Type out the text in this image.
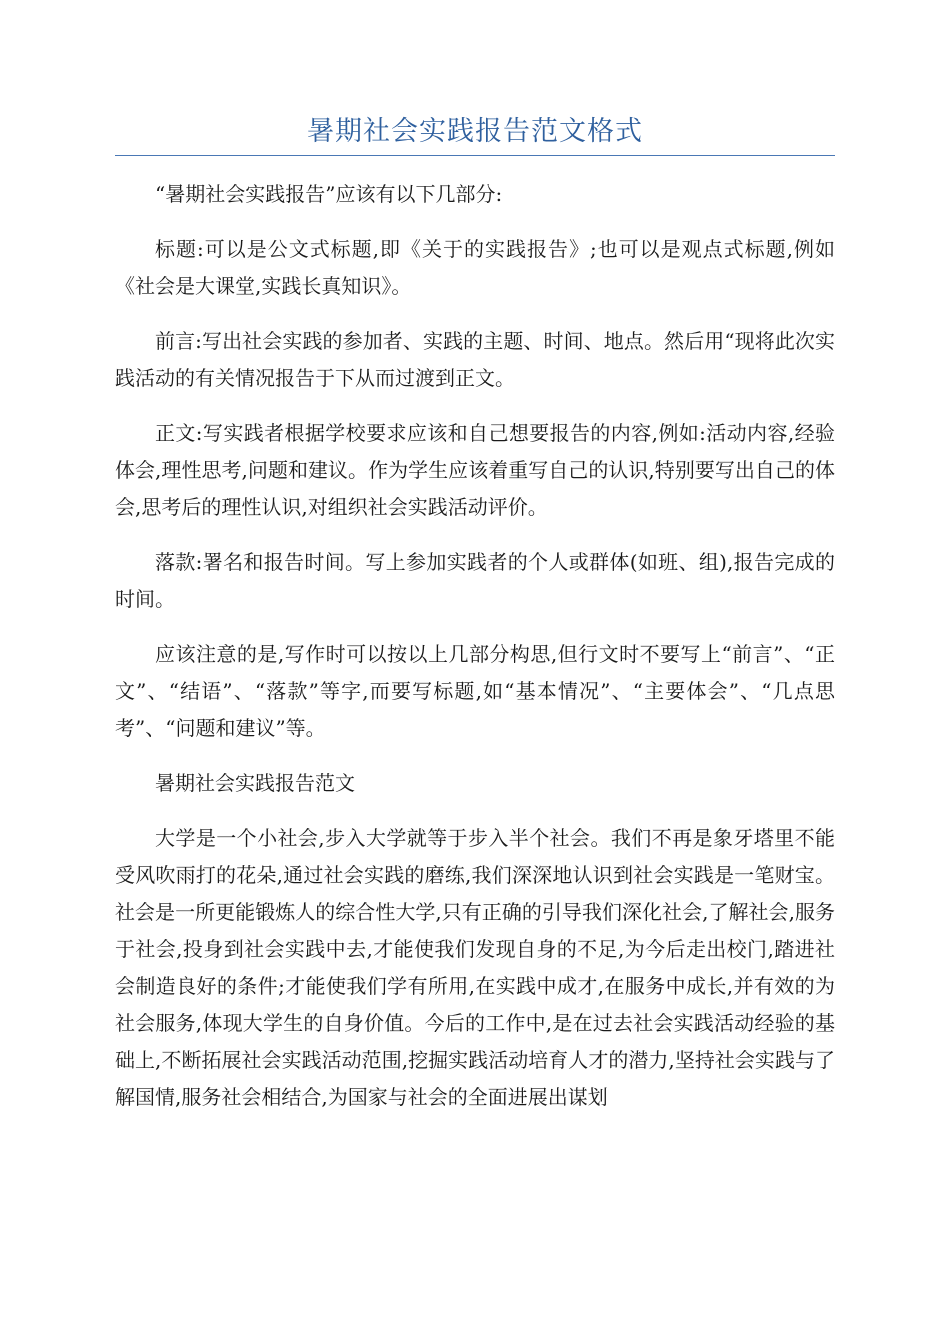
暑期社会实践报告范文格式

“暑期社会实践报告”应该有以下几部分:

标题:可以是公文式标题,即《关于的实践报告》;也可以是观点式标题,例如《社会是大课堂,实践长真知识》。

前言:写出社会实践的参加者、实践的主题、时间、地点。然后用“现将此次实践活动的有关情况报告于下从而过渡到正文。

正文:写实践者根据学校要求应该和自己想要报告的内容,例如:活动内容,经验体会,理性思考,问题和建议。作为学生应该着重写自己的认识,特别要写出自己的体会,思考后的理性认识,对组织社会实践活动评价。

落款:署名和报告时间。写上参加实践者的个人或群体(如班、组),报告完成的时间。

应该注意的是,写作时可以按以上几部分构思,但行文时不要写上“前言”、“正文”、“结语”、“落款”等字,而要写标题,如“基本情况”、“主要体会”、“几点思考”、“问题和建议”等。

暑期社会实践报告范文

大学是一个小社会,步入大学就等于步入半个社会。我们不再是象牙塔里不能受风吹雨打的花朵,通过社会实践的磨练,我们深深地认识到社会实践是一笔财宝。社会是一所更能锻炼人的综合性大学,只有正确的引导我们深化社会,了解社会,服务于社会,投身到社会实践中去,才能使我们发现自身的不足,为今后走出校门,踏进社会制造良好的条件;才能使我们学有所用,在实践中成才,在服务中成长,并有效的为社会服务,体现大学生的自身价值。今后的工作中,是在过去社会实践活动经验的基础上,不断拓展社会实践活动范围,挖掘实践活动培育人才的潜力,坚持社会实践与了解国情,服务社会相结合,为国家与社会的全面进展出谋划
